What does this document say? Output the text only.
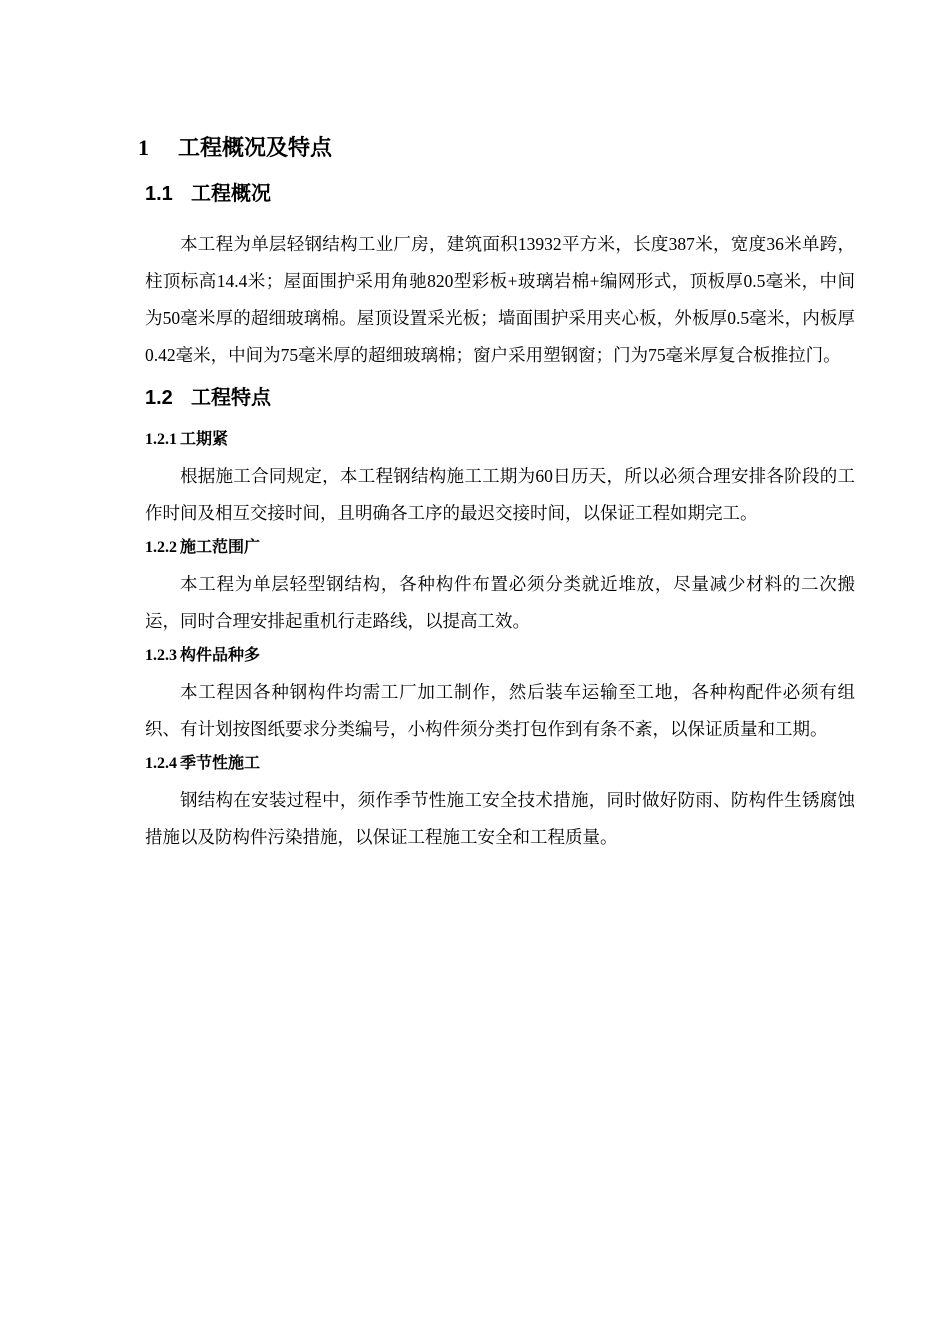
1 工程概况及特点
1.1 工程概况

本工程为单层轻钢结构工业厂房，建筑面积13932平方米，长度387米，宽度36米单跨，柱顶标高14.4米；屋面围护采用角驰820型彩板+玻璃岩棉+编网形式，顶板厚0.5毫米，中间为50毫米厚的超细玻璃棉。屋顶设置采光板；墙面围护采用夹心板，外板厚0.5毫米，内板厚0.42毫米，中间为75毫米厚的超细玻璃棉；窗户采用塑钢窗；门为75毫米厚复合板推拉门。

1.2 工程特点
1.2.1 工期紧

根据施工合同规定，本工程钢结构施工工期为60日历天，所以必须合理安排各阶段的工作时间及相互交接时间，且明确各工序的最迟交接时间，以保证工程如期完工。

1.2.2 施工范围广

本工程为单层轻型钢结构，各种构件布置必须分类就近堆放，尽量减少材料的二次搬运，同时合理安排起重机行走路线，以提高工效。

1.2.3 构件品种多

本工程因各种钢构件均需工厂加工制作，然后装车运输至工地，各种构配件必须有组织、有计划按图纸要求分类编号，小构件须分类打包作到有条不紊，以保证质量和工期。

1.2.4 季节性施工

钢结构在安装过程中，须作季节性施工安全技术措施，同时做好防雨、防构件生锈腐蚀措施以及防构件污染措施，以保证工程施工安全和工程质量。
